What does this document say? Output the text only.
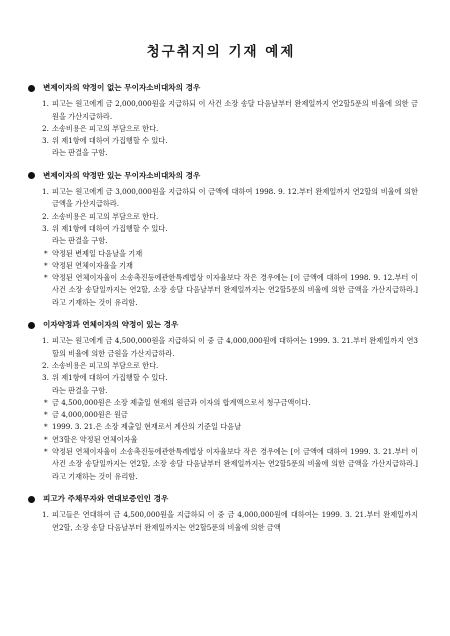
청구취지의 기재 예제
변제이자의 약정이 없는 무이자소비대차의 경우
1. 피고는 원고에게 금 2,000,000원을 지급하되 이 사건 소장 송달 다음날부터 완제일까지 연2할5푼의 비율에 의한 금원을 가산지급하라.
2. 소송비용은 피고의 부담으로 한다.
3. 위 제1항에 대하여 가집행할 수 있다.
라는 판결을 구함.
변제이자의 약정만 있는 무이자소비대차의 경우
1. 피고는 원고에게 금 3,000,000원을 지급하되 이 금액에 대하여 1998. 9. 12.부터 완제일까지 연2할의 비율에 의한 금액을 가산지급하라.
2. 소송비용은 피고의 부담으로 한다.
3. 위 제1항에 대하여 가집행할 수 있다.
라는 판결을 구함.
* 약정된 변제일 다음날을 기재
* 약정된 연체이자율을 기재
* 약정된 연체이자율이 소송촉진등에관한특례법상 이자율보다 작은 경우에는 [이 금액에 대하여 1998. 9. 12.부터 이 사건 소장 송달일까지는 연2할, 소장 송달 다음날부터 완제일까지는 연2할5푼의 비율에 의한 금액을 가산지급하라.]라고 기재하는 것이 유리함.
이자약정과 연체이자의 약정이 있는 경우
1. 피고는 원고에게 금 4,500,000원을 지급하되 이 중 금 4,000,000원에 대하여는 1999. 3. 21.부터 완제일까지 연3할의 비율에 의한 금원을 가산지급하라.
2. 소송비용은 피고의 부담으로 한다.
3. 위 제1항에 대하여 가집행할 수 있다.
라는 판결을 구함.
* 금 4,500,000원은 소장 제출일 현재의 원금과 이자의 합계액으로서 청구금액이다.
* 금 4,000,000원은 원금
* 1999. 3. 21.은 소장 제출일 현재로서 계산의 기준일 다음날
* 연3할은 약정된 연체이자율
* 약정된 연체이자율이 소송촉진등에관한특례법상 이자율보다 작은 경우에는 [이 금액에 대하여 1999. 3. 21.부터 이 사건 소장 송달일까지는 연2할, 소장 송달 다음날부터 완제일까지는 연2할5푼의 비율에 의한 금액을 가산지급하라.]라고 기재하는 것이 유리함.
피고가 주채무자와 연대보증인인 경우
1. 피고들은 연대하여 금 4,500,000원을 지급하되 이 중 금 4,000,000원에 대하여는 1999. 3. 21.부터 완제일까지 연2할, 소장 송달 다음날부터 완제일까지는 연2할5푼의 비율에 의한 금액
